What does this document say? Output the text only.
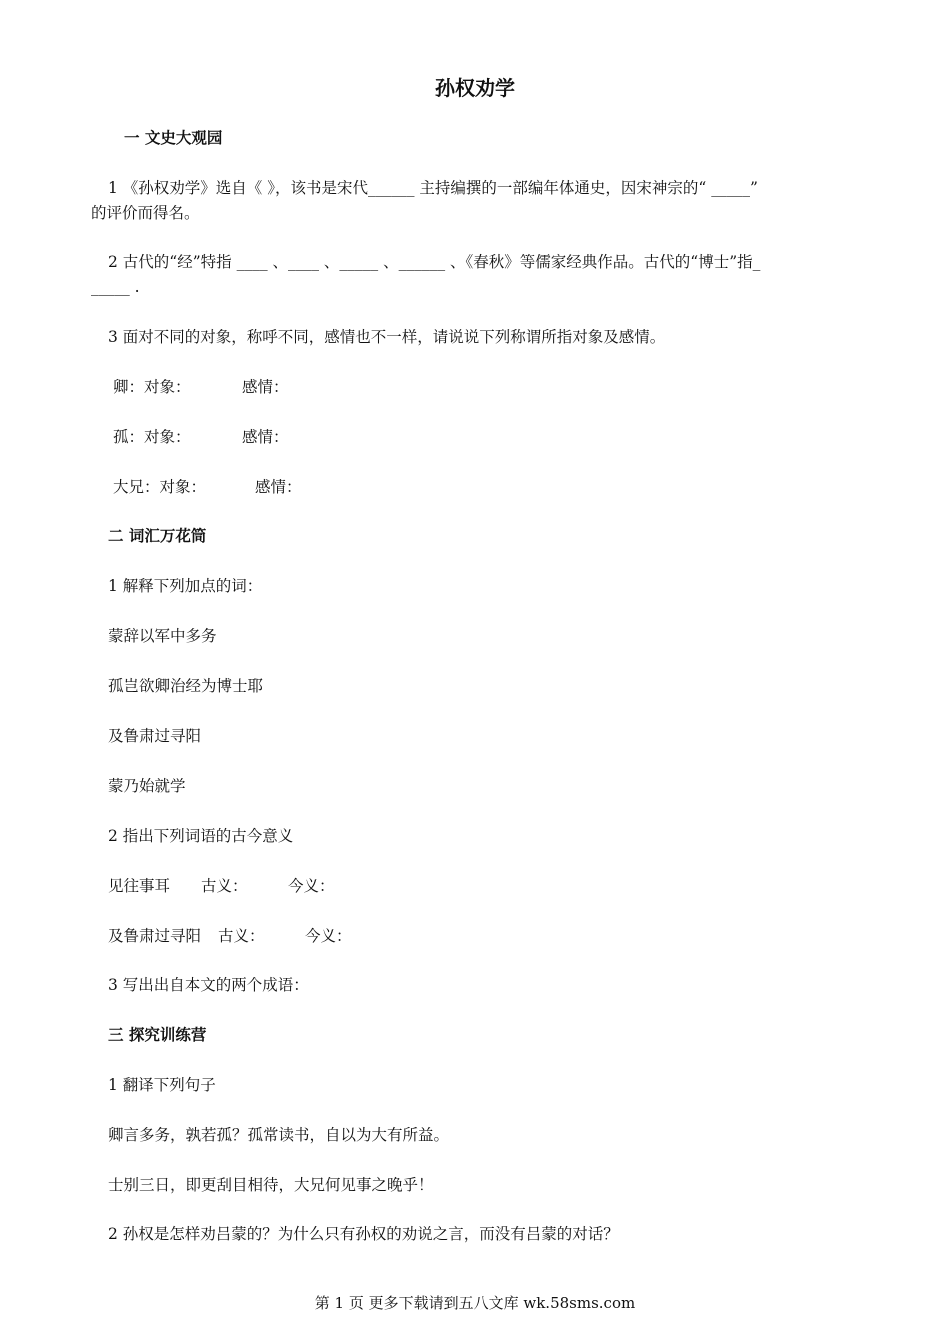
孙权劝学
一 文史大观园
1 《孙权劝学》选自《 》，该书是宋代______ 主持编撰的一部编年体通史，因宋神宗的“ _____”
的评价而得名。
2 古代的“经”特指 ____ 、____ 、_____ 、______ 、《春秋》等儒家经典作品。古代的“博士”指_
_____ .
3 面对不同的对象，称呼不同，感情也不一样，请说说下列称谓所指对象及感情。
卿：对象：	感情：
孤：对象：	感情：
大兄：对象：	感情：
二 词汇万花筒
1 解释下列加点的词：
蒙辞以军中多务
孤岂欲卿治经为博士耶
及鲁肃过寻阳
蒙乃始就学
2 指出下列词语的古今意义
见往事耳 古义：	今义：
及鲁肃过寻阳 古义：	今义：
3 写出出自本文的两个成语：
三 探究训练营
1 翻译下列句子
卿言多务，孰若孤？孤常读书，自以为大有所益。
士别三日，即更刮目相待，大兄何见事之晚乎！
2 孙权是怎样劝吕蒙的？为什么只有孙权的劝说之言，而没有吕蒙的对话？
第 1 页 更多下载请到五八文库 wk.58sms.com
